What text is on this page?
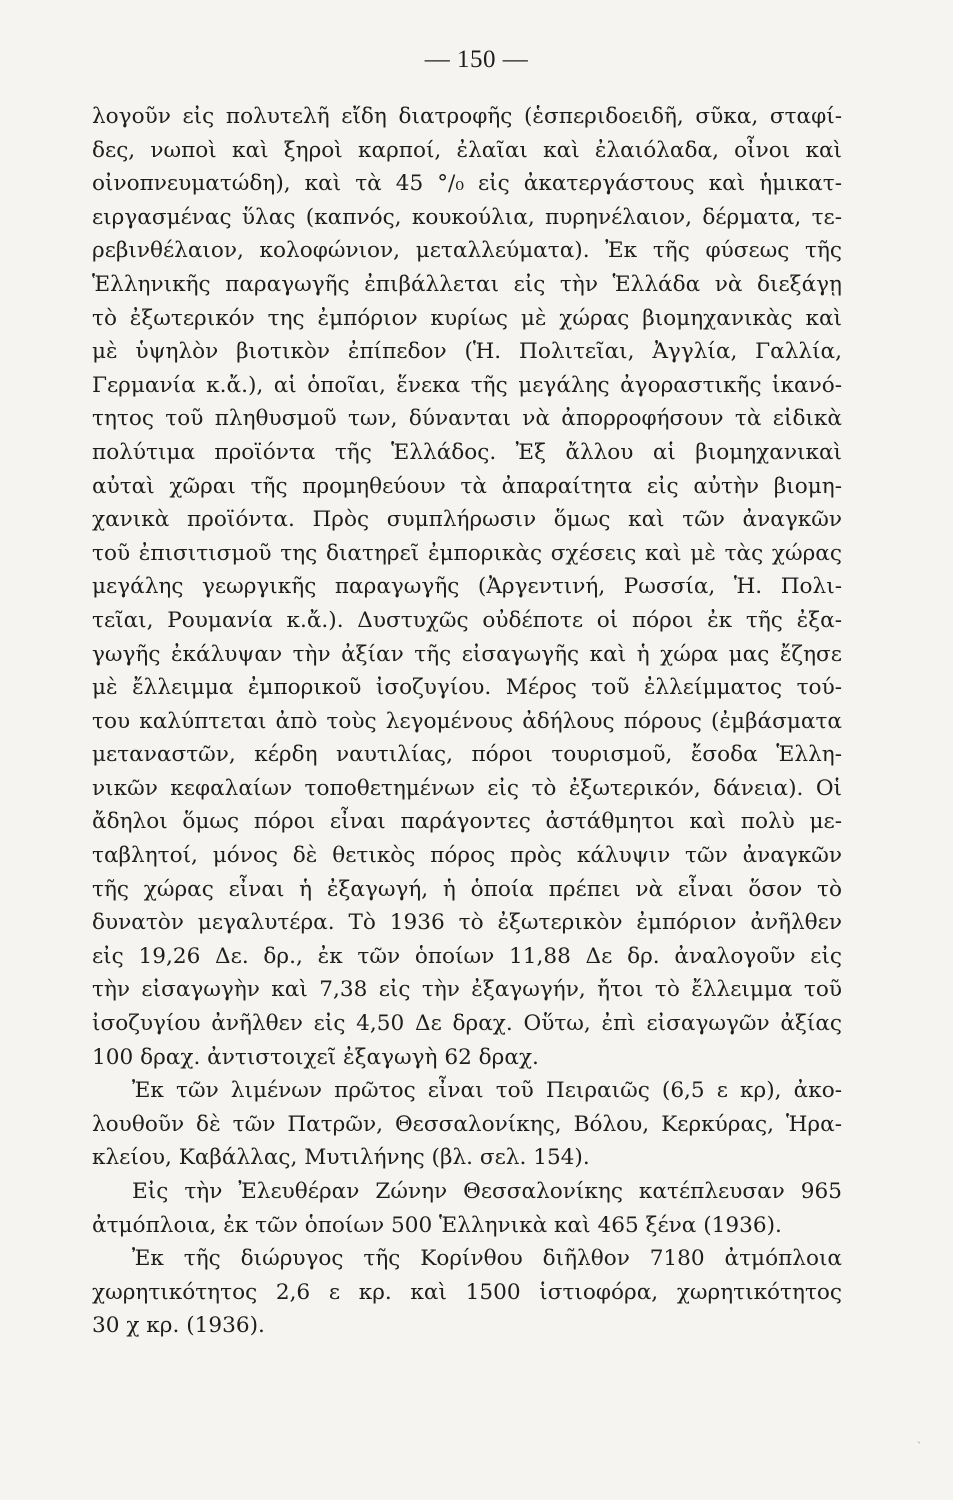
— 150 —
λογοῦν εἰς πολυτελῆ εἴδη διατροφῆς (ἑσπεριδοειδῆ, σῦκα, σταφί-
δες, νωποὶ καὶ ξηροὶ καρποί, ἐλαῖαι καὶ ἐλαιόλαδα, οἶνοι καὶ
οἰνοπνευματώδη), καὶ τὰ 45 °/₀ εἰς ἀκατεργάστους καὶ ἡμικατ-
ειργασμένας ὕλας (καπνός, κουκούλια, πυρηνέλαιον, δέρματα, τε-
ρεβινθέλαιον, κολοφώνιον, μεταλλεύματα). Ἐκ τῆς φύσεως τῆς
Ἑλληνικῆς παραγωγῆς ἐπιβάλλεται εἰς τὴν Ἑλλάδα νὰ διεξάγῃ
τὸ ἐξωτερικόν της ἐμπόριον κυρίως μὲ χώρας βιομηχανικὰς καὶ
μὲ ὑψηλὸν βιοτικὸν ἐπίπεδον (Ἡ. Πολιτεῖαι, Ἀγγλία, Γαλλία,
Γερμανία κ.ἄ.), αἱ ὁποῖαι, ἕνεκα τῆς μεγάλης ἀγοραστικῆς ἱκανό-
τητος τοῦ πληθυσμοῦ των, δύνανται νὰ ἀπορροφήσουν τὰ εἰδικὰ
πολύτιμα προϊόντα τῆς Ἑλλάδος. Ἐξ ἄλλου αἱ βιομηχανικαὶ
αὐταὶ χῶραι τῆς προμηθεύουν τὰ ἀπαραίτητα εἰς αὐτὴν βιομη-
χανικὰ προϊόντα. Πρὸς συμπλήρωσιν ὅμως καὶ τῶν ἀναγκῶν
τοῦ ἐπισιτισμοῦ της διατηρεῖ ἐμπορικὰς σχέσεις καὶ μὲ τὰς χώρας
μεγάλης γεωργικῆς παραγωγῆς (Ἀργεντινή, Ρωσσία, Ἡ. Πολι-
τεῖαι, Ρουμανία κ.ἄ.). Δυστυχῶς οὐδέποτε οἱ πόροι ἐκ τῆς ἐξα-
γωγῆς ἐκάλυψαν τὴν ἀξίαν τῆς εἰσαγωγῆς καὶ ἡ χώρα μας ἔζησε
μὲ ἔλλειμμα ἐμπορικοῦ ἰσοζυγίου. Μέρος τοῦ ἐλλείμματος τού-
του καλύπτεται ἀπὸ τοὺς λεγομένους ἀδήλους πόρους (ἐμβάσματα
μεταναστῶν, κέρδη ναυτιλίας, πόροι τουρισμοῦ, ἔσοδα Ἑλλη-
νικῶν κεφαλαίων τοποθετημένων εἰς τὸ ἐξωτερικόν, δάνεια). Οἱ
ἄδηλοι ὅμως πόροι εἶναι παράγοντες ἀστάθμητοι καὶ πολὺ με-
ταβλητοί, μόνος δὲ θετικὸς πόρος πρὸς κάλυψιν τῶν ἀναγκῶν
τῆς χώρας εἶναι ἡ ἐξαγωγή, ἡ ὁποία πρέπει νὰ εἶναι ὅσον τὸ
δυνατὸν μεγαλυτέρα. Τὸ 1936 τὸ ἐξωτερικὸν ἐμπόριον ἀνῆλθεν
εἰς 19,26 Δε. δρ., ἐκ τῶν ὁποίων 11,88 Δε δρ. ἀναλογοῦν εἰς
τὴν εἰσαγωγὴν καὶ 7,38 εἰς τὴν ἐξαγωγήν, ἤτοι τὸ ἔλλειμμα τοῦ
ἰσοζυγίου ἀνῆλθεν εἰς 4,50 Δε δραχ. Οὕτω, ἐπὶ εἰσαγωγῶν ἀξίας
100 δραχ. ἀντιστοιχεῖ ἐξαγωγὴ 62 δραχ.
Ἐκ τῶν λιμένων πρῶτος εἶναι τοῦ Πειραιῶς (6,5 ε κρ), ἀκο-
λουθοῦν δὲ τῶν Πατρῶν, Θεσσαλονίκης, Βόλου, Κερκύρας, Ἡρα-
κλείου, Καβάλλας, Μυτιλήνης (βλ. σελ. 154).
Εἰς τὴν Ἐλευθέραν Ζώνην Θεσσαλονίκης κατέπλευσαν 965
ἀτμόπλοια, ἐκ τῶν ὁποίων 500 Ἑλληνικὰ καὶ 465 ξένα (1936).
Ἐκ τῆς διώρυγος τῆς Κορίνθου διῆλθον 7180 ἀτμόπλοια
χωρητικότητος 2,6 ε κρ. καὶ 1500 ἱστιοφόρα, χωρητικότητος
30 χ κρ. (1936).
ˎ
